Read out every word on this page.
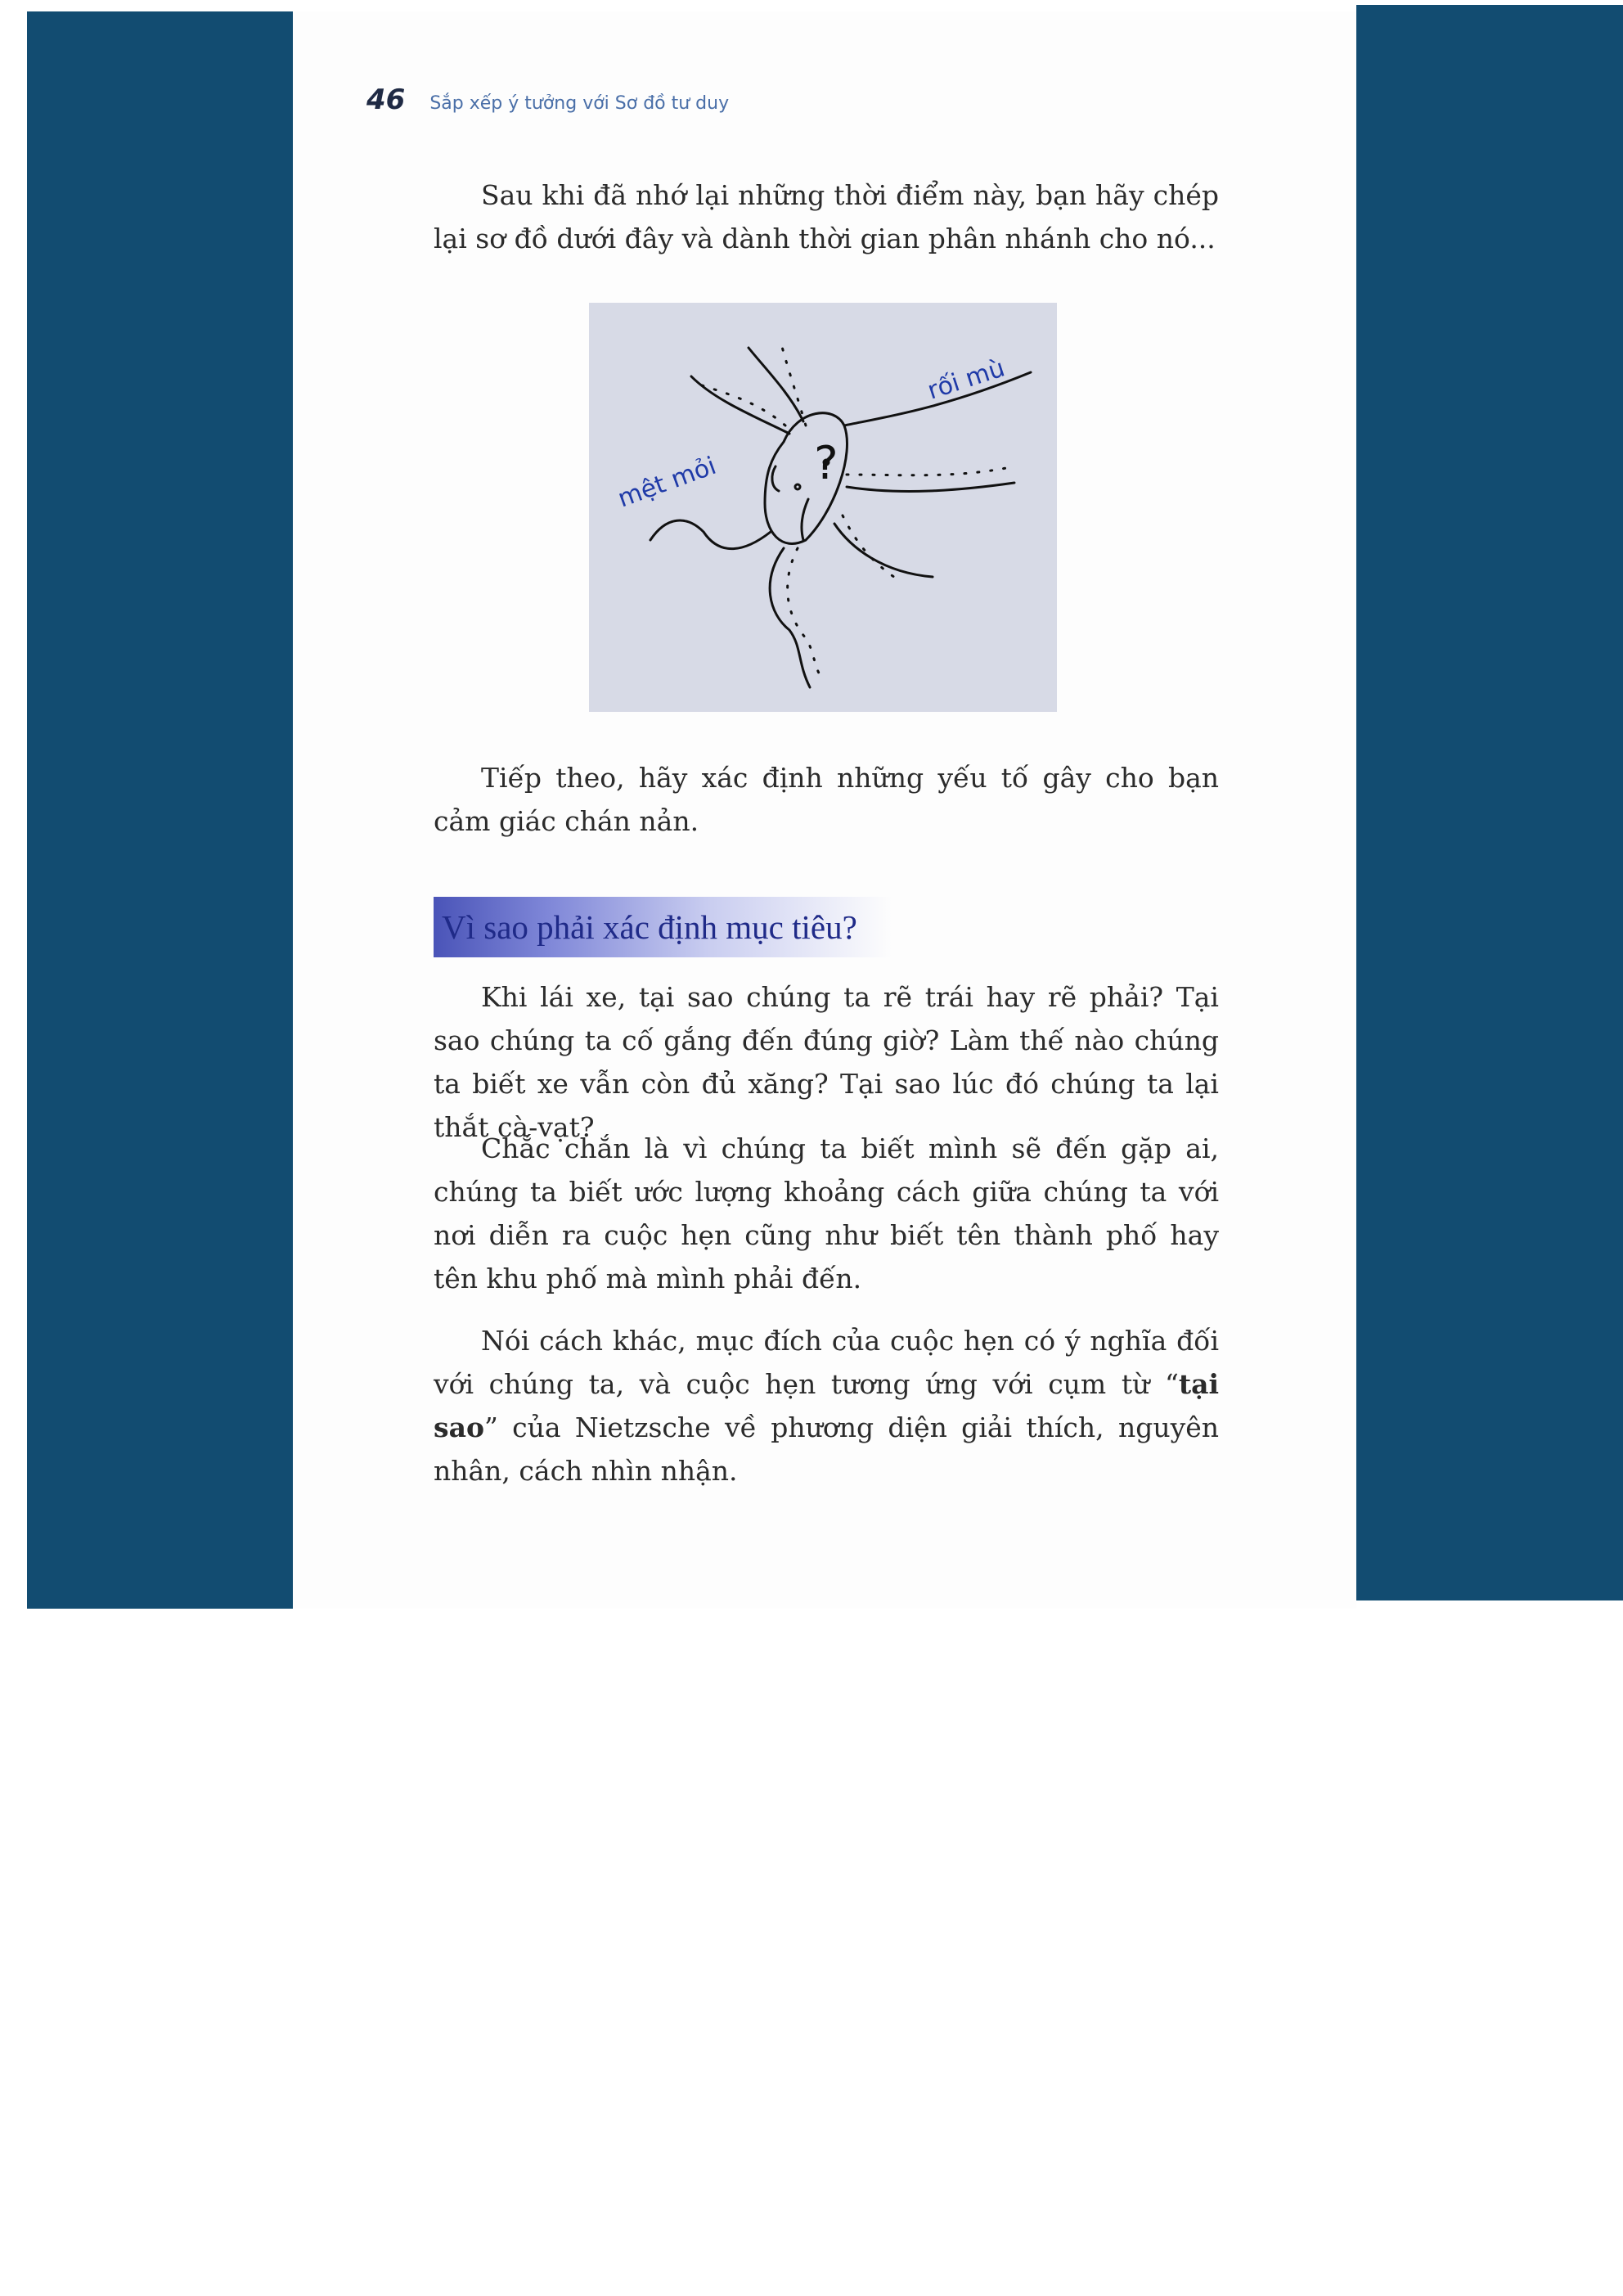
46 Sắp xếp ý tưởng với Sơ đồ tư duy

Sau khi đã nhớ lại những thời điểm này, bạn hãy chép lại sơ đồ dưới đây và dành thời gian phân nhánh cho nó...

?
rối mù
mệt mỏi

Tiếp theo, hãy xác định những yếu tố gây cho bạn cảm giác chán nản.

Vì sao phải xác định mục tiêu?

Khi lái xe, tại sao chúng ta rẽ trái hay rẽ phải? Tại sao chúng ta cố gắng đến đúng giờ? Làm thế nào chúng ta biết xe vẫn còn đủ xăng? Tại sao lúc đó chúng ta lại thắt cà-vạt?

Chắc chắn là vì chúng ta biết mình sẽ đến gặp ai, chúng ta biết ước lượng khoảng cách giữa chúng ta với nơi diễn ra cuộc hẹn cũng như biết tên thành phố hay tên khu phố mà mình phải đến.

Nói cách khác, mục đích của cuộc hẹn có ý nghĩa đối với chúng ta, và cuộc hẹn tương ứng với cụm từ “tại sao” của Nietzsche về phương diện giải thích, nguyên nhân, cách nhìn nhận.
